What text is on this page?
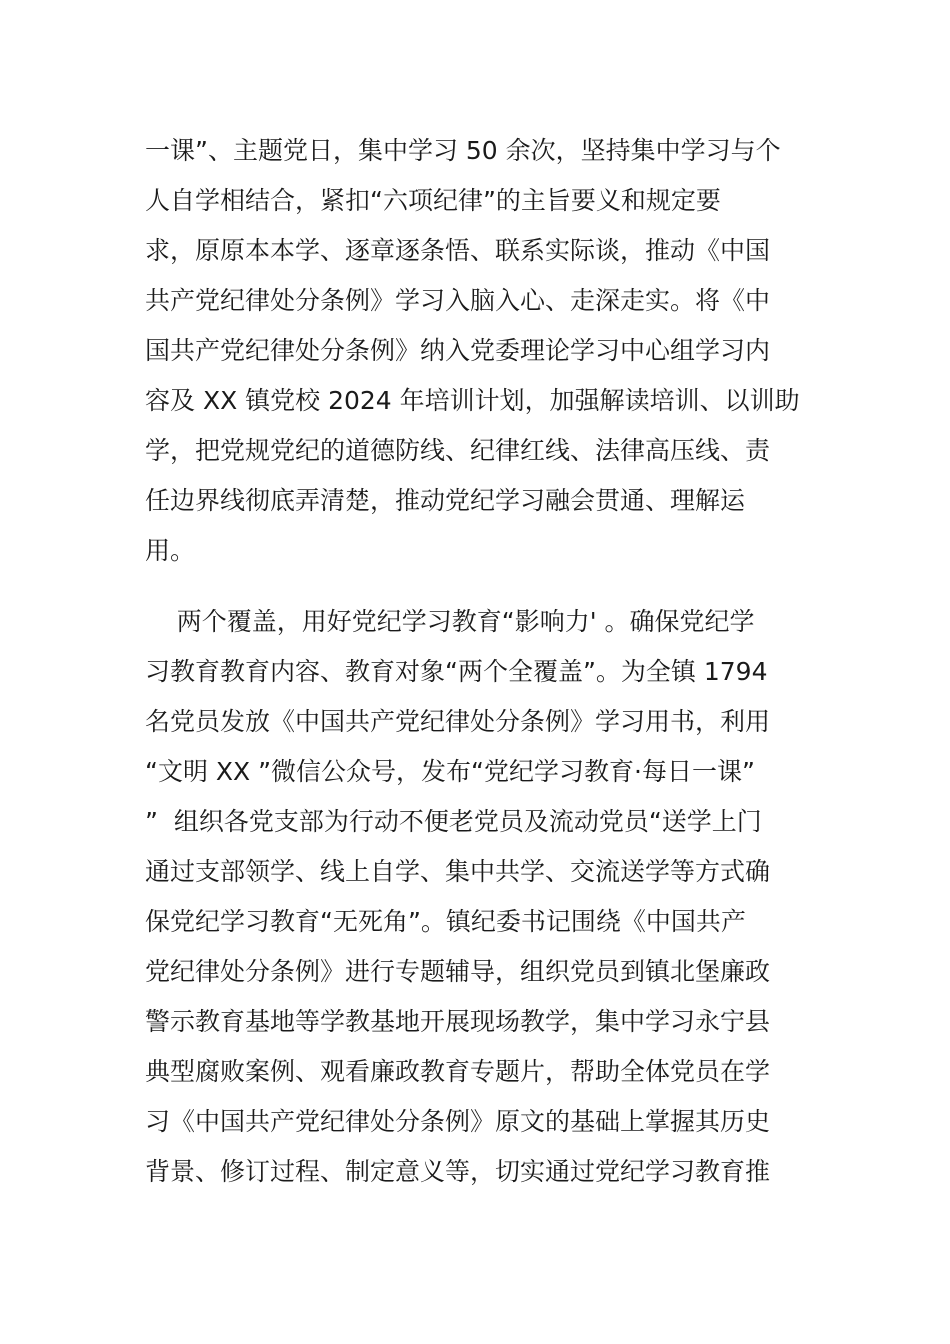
一课”、主题党日，集中学习 50 余次，坚持集中学习与个
人自学相结合，紧扣“六项纪律”的主旨要义和规定要
求，原原本本学、逐章逐条悟、联系实际谈，推动《中国
共产党纪律处分条例》学习入脑入心、走深走实。将《中
国共产党纪律处分条例》纳入党委理论学习中心组学习内
容及 XX 镇党校 2024 年培训计划，加强解读培训、以训助
学，把党规党纪的道德防线、纪律红线、法律高压线、责
任边界线彻底弄清楚，推动党纪学习融会贯通、理解运
用。
两个覆盖，用好党纪学习教育“影响力' 。确保党纪学
习教育教育内容、教育对象“两个全覆盖”。为全镇 1794
名党员发放《中国共产党纪律处分条例》学习用书，利用
“文明 XX ”微信公众号，发布“党纪学习教育·每日一课”
”  组织各党支部为行动不便老党员及流动党员“送学上门
通过支部领学、线上自学、集中共学、交流送学等方式确
保党纪学习教育“无死角”。镇纪委书记围绕《中国共产
党纪律处分条例》进行专题辅导，组织党员到镇北堡廉政
警示教育基地等学教基地开展现场教学，集中学习永宁县
典型腐败案例、观看廉政教育专题片，帮助全体党员在学
习《中国共产党纪律处分条例》原文的基础上掌握其历史
背景、修订过程、制定意义等，切实通过党纪学习教育推
